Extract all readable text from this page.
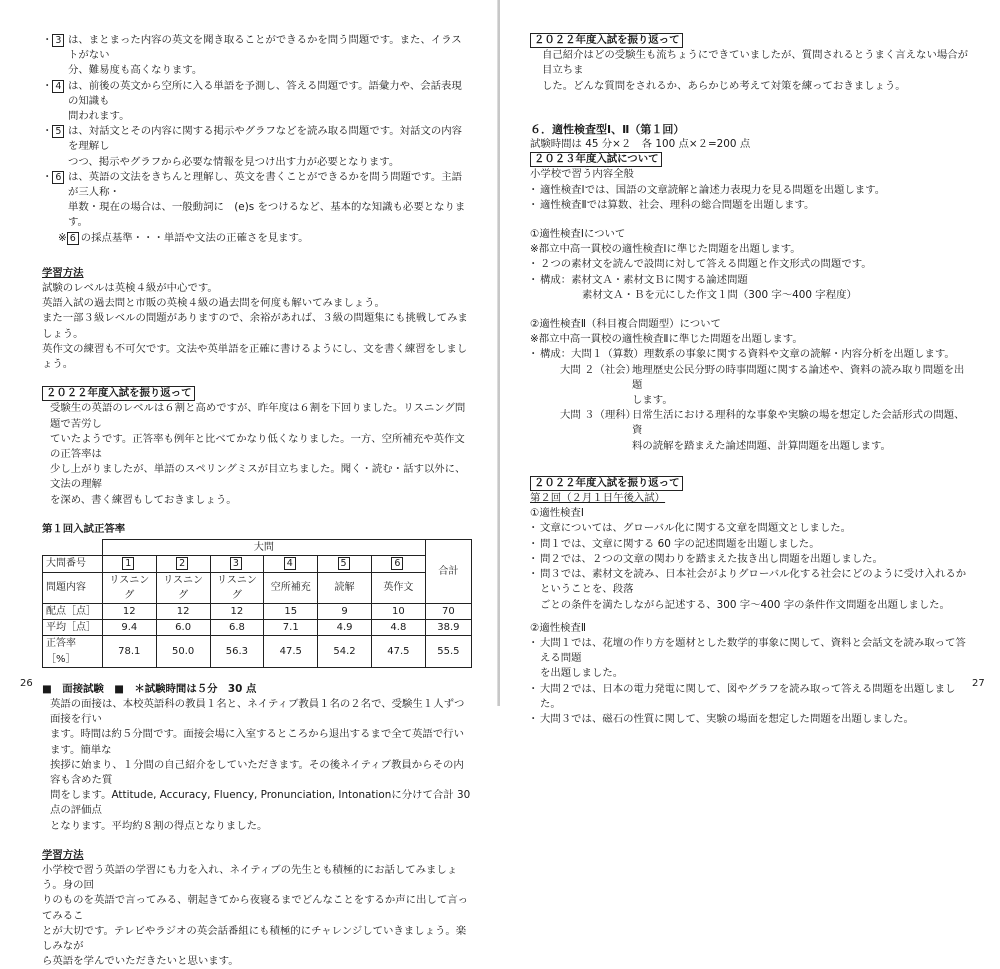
・ 3 は、まとまった内容の英文を聞き取ることができるかを問う問題です。また、イラストがない
分、難易度も高くなります。
・ 4 は、前後の英文から空所に入る単語を予測し、答える問題です。語彙力や、会話表現の知識も
問われます。
・ 5 は、対話文とその内容に関する掲示やグラフなどを読み取る問題です。対話文の内容を理解し
つつ、掲示やグラフから必要な情報を見つけ出す力が必要となります。
・ 6 は、英語の文法をきちんと理解し、英文を書くことができるかを問う問題です。主語が三人称・
単数・現在の場合は、一般動詞に　(e)s をつけるなど、基本的な知識も必要となります。
※ 6 の採点基準・・・単語や文法の正確さを見ます。
学習方法
試験のレベルは英検４級が中心です。
英語入試の過去問と市販の英検４級の過去問を何度も解いてみましょう。
また一部３級レベルの問題がありますので、余裕があれば、３級の問題集にも挑戦してみましょう。
英作文の練習も不可欠です。文法や英単語を正確に書けるようにし、文を書く練習をしましょう。
２０２２年度入試を振り返って
受験生の英語のレベルは６割と高めですが、昨年度は６割を下回りました。リスニング問題で苦労し
ていたようです。正答率も例年と比べてかなり低くなりました。一方、空所補充や英作文の正答率は
少し上がりましたが、単語のスペリングミスが目立ちました。聞く・読む・話す以外に、文法の理解
を深め、書く練習もしておきましょう。
第１回入試正答率
	大問						合計
大問番号	1	2	3	4	5	6	
問題内容	リスニング	リスニング	リスニング	空所補充	読解	英作文	
配点［点］	12	12	12	15	9	10	70
平均［点］	9.4	6.0	6.8	7.1	4.9	4.8	38.9
正答率［%］	78.1	50.0	56.3	47.5	54.2	47.5	55.5
■　面接試験　■　＊試験時間は５分　30 点
英語の面接は、本校英語科の教員１名と、ネイティブ教員１名の２名で、受験生１人ずつ面接を行い
ます。時間は約５分間です。面接会場に入室するところから退出するまで全て英語で行います。簡単な
挨拶に始まり、１分間の自己紹介をしていただきます。その後ネイティブ教員からその内容も含めた質
問をします。Attitude, Accuracy, Fluency, Pronunciation, Intonationに分けて合計 30 点の評価点
となります。平均約８割の得点となりました。
学習方法
小学校で習う英語の学習にも力を入れ、ネイティブの先生とも積極的にお話してみましょう。身の回
りのものを英語で言ってみる、朝起きてから夜寝るまでどんなことをするか声に出して言ってみるこ
とが大切です。テレビやラジオの英会話番組にも積極的にチャレンジしていきましょう。楽しみなが
ら英語を学んでいただきたいと思います。
26
２０２２年度入試を振り返って
自己紹介はどの受験生も流ちょうにできていましたが、質問されるとうまく言えない場合が目立ちま
した。どんな質問をされるか、あらかじめ考えて対策を練っておきましょう。
６．適性検査型Ⅰ、Ⅱ（第１回）
試験時間は 45 分×２　各 100 点×２=200 点
２０２３年度入試について
小学校で習う内容全般
・ 適性検査Ⅰでは、国語の文章読解と論述力表現力を見る問題を出題します。
・ 適性検査Ⅱでは算数、社会、理科の総合問題を出題します。
①適性検査Ⅰについて
※都立中高一貫校の適性検査Ⅰに準じた問題を出題します。
・ ２つの素材文を読んで設問に対して答える問題と作文形式の問題です。
・ 構成：素材文Ａ・素材文Ｂに関する論述問題
素材文Ａ・Ｂを元にした作文１問（300 字～400 字程度）
②適性検査Ⅱ（科目複合問題型）について
※都立中高一貫校の適性検査Ⅱに準じた問題を出題します。
・ 構成：大問１（算数）理数系の事象に関する資料や文章の読解・内容分析を出題します。
大問 ２（社会）
地理歴史公民分野の時事問題に関する論述や、資料の読み取り問題を出題
します。
大問 ３（理科）
日常生活における理科的な事象や実験の場を想定した会話形式の問題、資
料の読解を踏まえた論述問題、計算問題を出題します。
２０２２年度入試を振り返って
第２回（２月１日午後入試）
①適性検査Ⅰ
・ 文章については、グローバル化に関する文章を問題文としました。
・ 問１では、文章に関する 60 字の記述問題を出題しました。
・ 問２では、２つの文章の関わりを踏まえた抜き出し問題を出題しました。
・ 問３では、素材文を読み、日本社会がよりグローバル化する社会にどのように受け入れるかということを、段落
ごとの条件を満たしながら記述する、300 字～400 字の条件作文問題を出題しました。
②適性検査Ⅱ
・ 大問１では、花壇の作り方を題材とした数学的事象に関して、資料と会話文を読み取って答える問題
を出題しました。
・ 大問２では、日本の電力発電に関して、図やグラフを読み取って答える問題を出題しました。
・ 大問３では、磁石の性質に関して、実験の場面を想定した問題を出題しました。
27
